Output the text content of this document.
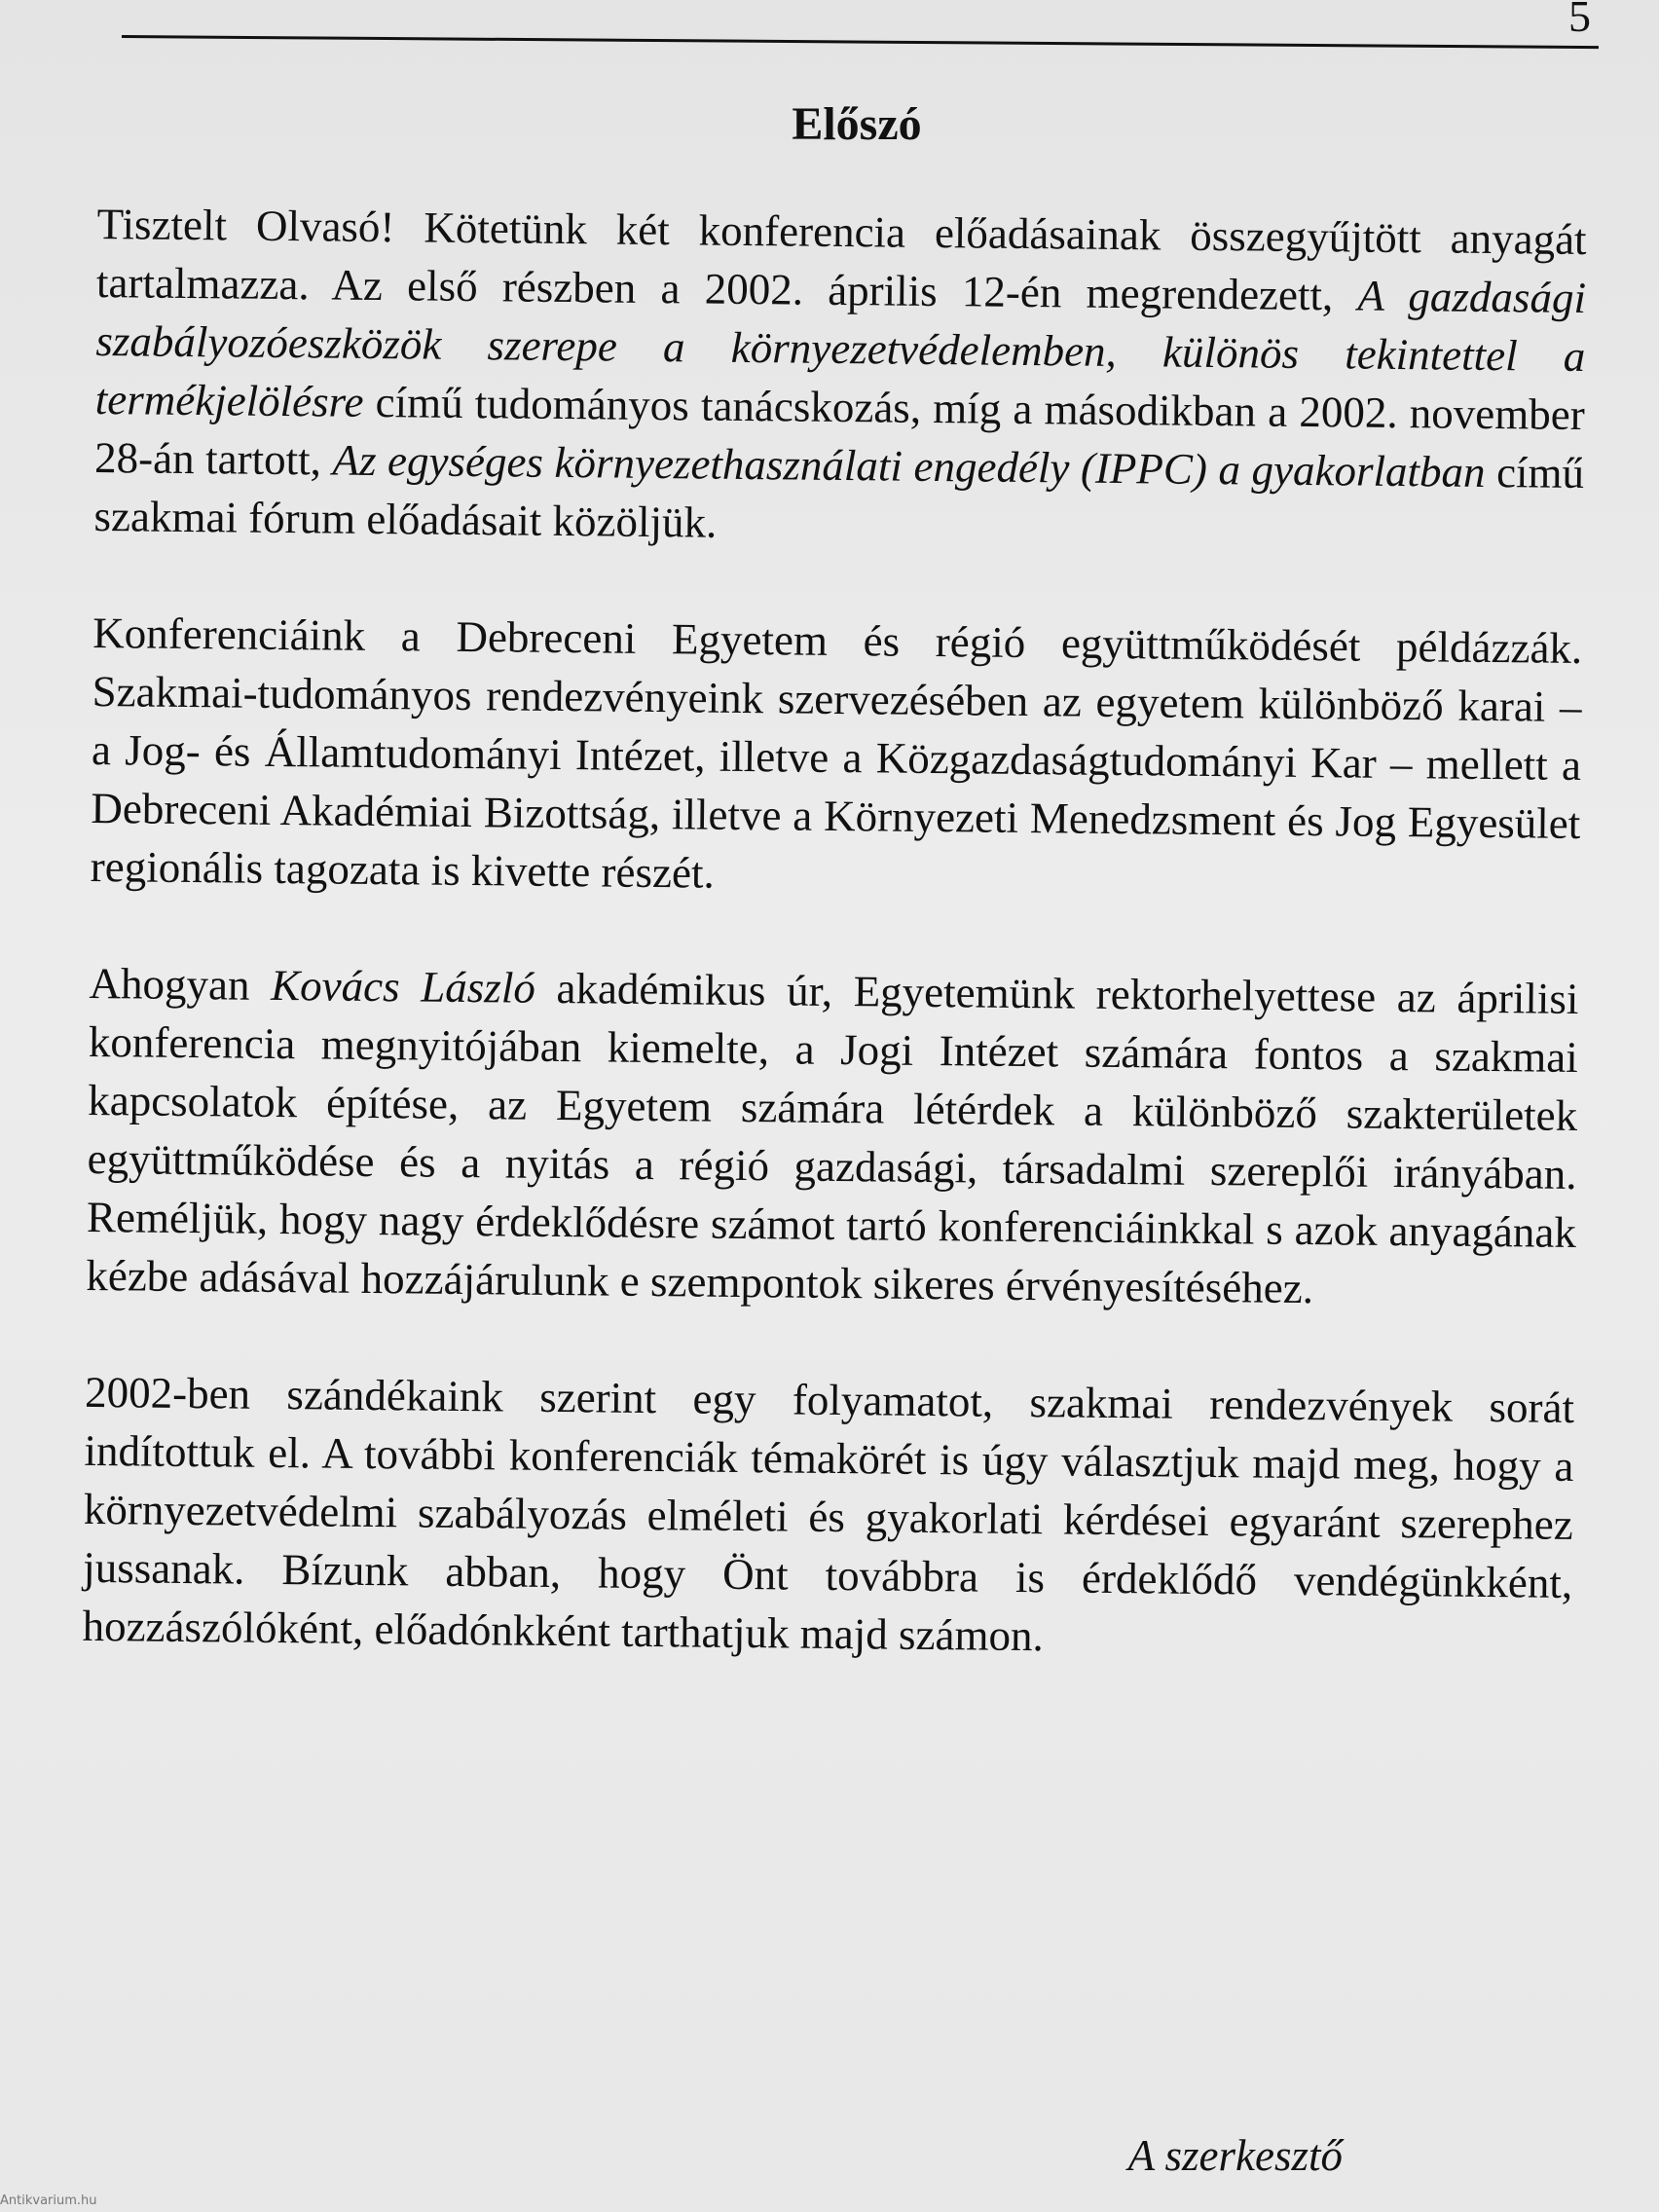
5
Előszó

Tisztelt Olvasó! Kötetünk két konferencia előadásainak összegyűjtött anyagát tartalmazza. Az első részben a 2002. április 12-én megrendezett, A gazdasági szabályozóeszközök szerepe a környezetvédelemben, különös tekintettel a termékjelölésre című tudományos tanácskozás, míg a másodikban a 2002. november 28-án tartott, Az egységes környezethasználati engedély (IPPC) a gyakorlatban című szakmai fórum előadásait közöljük.

Konferenciáink a Debreceni Egyetem és régió együttműködését példázzák. Szakmai-tudományos rendezvényeink szervezésében az egyetem különböző karai – a Jog- és Államtudományi Intézet, illetve a Közgazdaságtudományi Kar – mellett a Debreceni Akadémiai Bizottság, illetve a Környezeti Menedzsment és Jog Egyesület regionális tagozata is kivette részét.

Ahogyan Kovács László akadémikus úr, Egyetemünk rektorhelyettese az áprilisi konferencia megnyitójában kiemelte, a Jogi Intézet számára fontos a szakmai kapcsolatok építése, az Egyetem számára létérdek a különböző szakterületek együttműködése és a nyitás a régió gazdasági, társadalmi szereplői irányában. Reméljük, hogy nagy érdeklődésre számot tartó konferenciáinkkal s azok anyagának kézbe adásával hozzájárulunk e szempontok sikeres érvényesítéséhez.

2002-ben szándékaink szerint egy folyamatot, szakmai rendezvények sorát indítottuk el. A további konferenciák témakörét is úgy választjuk majd meg, hogy a környezetvédelmi szabályozás elméleti és gyakorlati kérdései egyaránt szerephez jussanak. Bízunk abban, hogy Önt továbbra is érdeklődő vendégünkként, hozzászólóként, előadónkként tarthatjuk majd számon.

A szerkesztő
Antikvarium.hu
